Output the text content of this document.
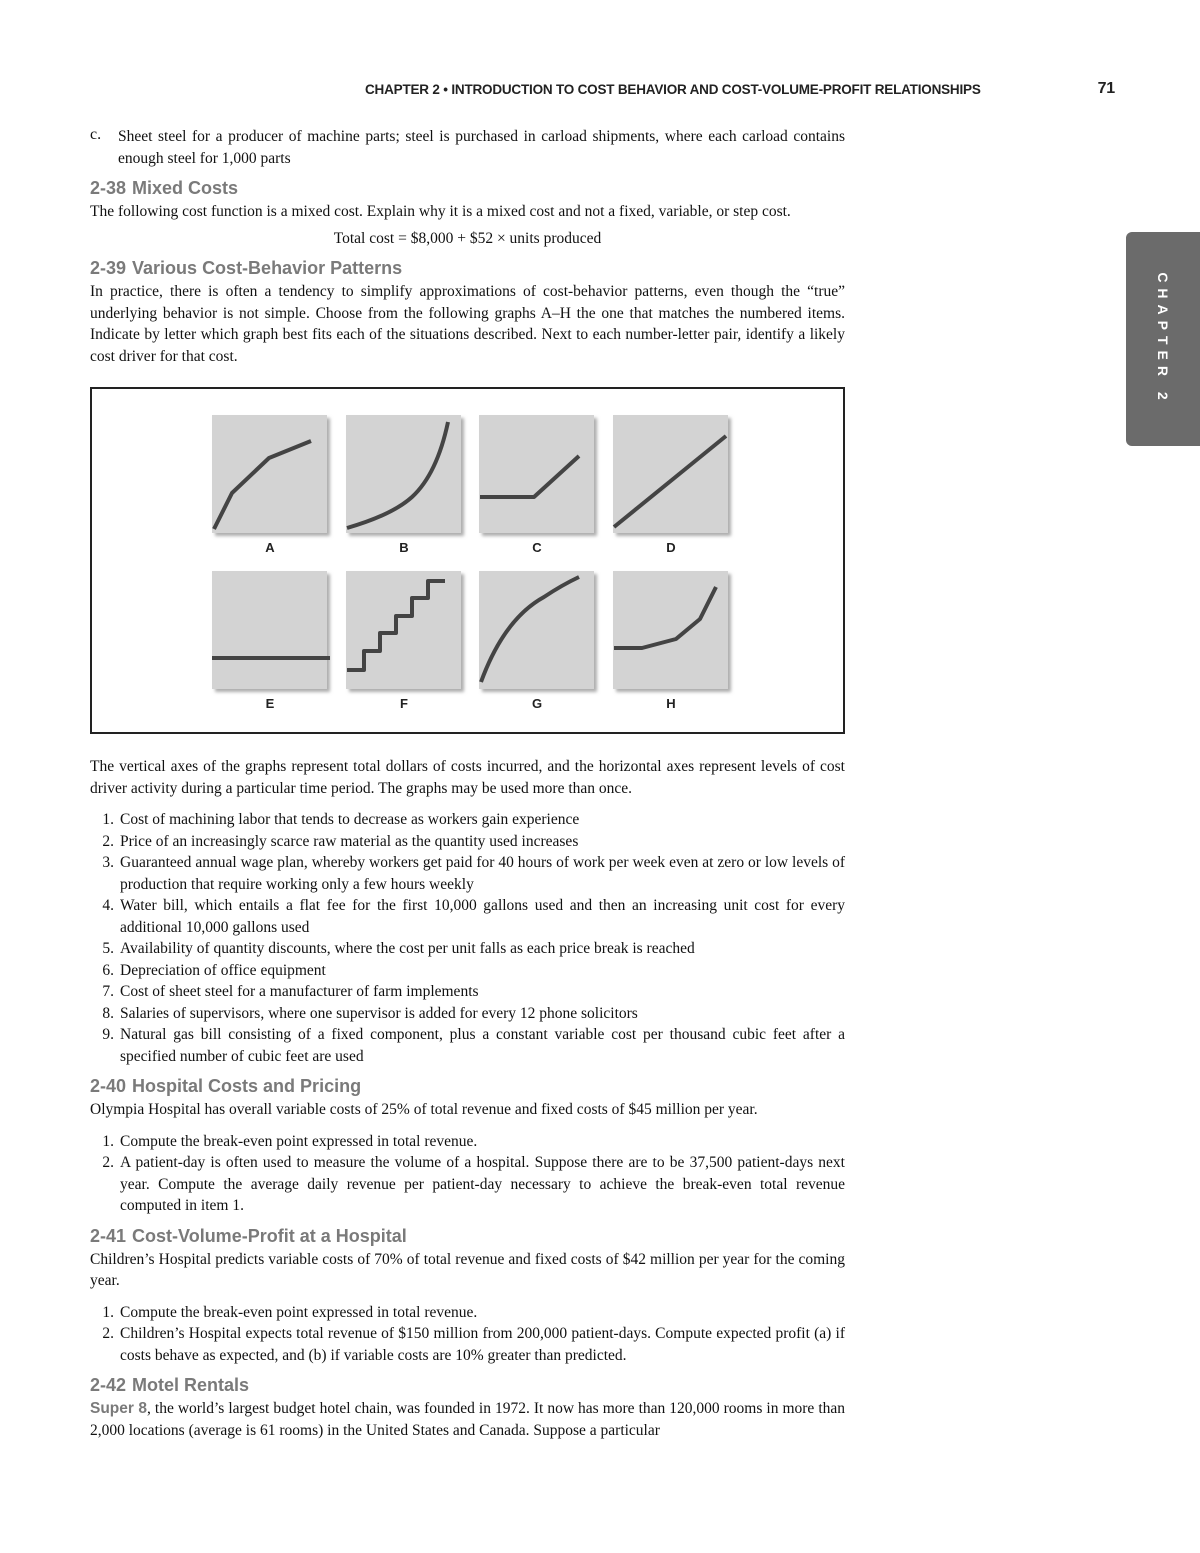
CHAPTER 2 • INTRODUCTION TO COST BEHAVIOR AND COST-VOLUME-PROFIT RELATIONSHIPS	71
CHAPTER 2
c.	Sheet steel for a producer of machine parts; steel is purchased in carload shipments, where each carload contains enough steel for 1,000 parts
2-38 Mixed Costs

The following cost function is a mixed cost. Explain why it is a mixed cost and not a fixed, variable, or step cost.

Total cost = $8,000 + $52 × units produced
2-39 Various Cost-Behavior Patterns

In practice, there is often a tendency to simplify approximations of cost-behavior patterns, even though the “true” underlying behavior is not simple. Choose from the following graphs A–H the one that matches the numbered items. Indicate by letter which graph best fits each of the situations described. Next to each number-letter pair, identify a likely cost driver for that cost.

A	B	C	D
E	F	G	H

The vertical axes of the graphs represent total dollars of costs incurred, and the horizontal axes represent levels of cost driver activity during a particular time period. The graphs may be used more than once.

1. Cost of machining labor that tends to decrease as workers gain experience
2. Price of an increasingly scarce raw material as the quantity used increases
3. Guaranteed annual wage plan, whereby workers get paid for 40 hours of work per week even at zero or low levels of production that require working only a few hours weekly
4. Water bill, which entails a flat fee for the first 10,000 gallons used and then an increasing unit cost for every additional 10,000 gallons used
5. Availability of quantity discounts, where the cost per unit falls as each price break is reached
6. Depreciation of office equipment
7. Cost of sheet steel for a manufacturer of farm implements
8. Salaries of supervisors, where one supervisor is added for every 12 phone solicitors
9. Natural gas bill consisting of a fixed component, plus a constant variable cost per thousand cubic feet after a specified number of cubic feet are used
2-40 Hospital Costs and Pricing

Olympia Hospital has overall variable costs of 25% of total revenue and fixed costs of $45 million per year.

1. Compute the break-even point expressed in total revenue.
2. A patient-day is often used to measure the volume of a hospital. Suppose there are to be 37,500 patient-days next year. Compute the average daily revenue per patient-day necessary to achieve the break-even total revenue computed in item 1.
2-41 Cost-Volume-Profit at a Hospital

Children’s Hospital predicts variable costs of 70% of total revenue and fixed costs of $42 million per year for the coming year.

1. Compute the break-even point expressed in total revenue.
2. Children’s Hospital expects total revenue of $150 million from 200,000 patient-days. Compute expected profit (a) if costs behave as expected, and (b) if variable costs are 10% greater than predicted.
2-42 Motel Rentals

Super 8, the world’s largest budget hotel chain, was founded in 1972. It now has more than 120,000 rooms in more than 2,000 locations (average is 61 rooms) in the United States and Canada. Suppose a particular
